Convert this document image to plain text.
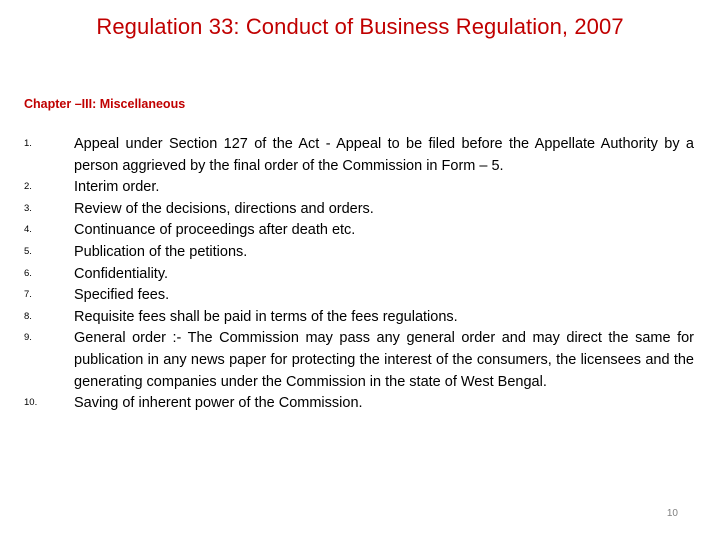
Regulation 33: Conduct of Business Regulation, 2007
Chapter –III: Miscellaneous
1.	Appeal under Section 127 of the Act - Appeal to be filed before the Appellate Authority by a person aggrieved by the final order of the Commission in Form – 5.
2.	Interim order.
3.	Review of the decisions, directions and orders.
4.	Continuance of proceedings after death etc.
5.	Publication of the petitions.
6.	Confidentiality.
7.	Specified fees.
8.	Requisite fees shall be paid in terms of the fees regulations.
9.	General order :- The Commission may pass any general order and may direct the same for publication in any news paper for protecting the interest of the consumers, the licensees and the generating companies under the Commission in the state of West Bengal.
10.	Saving of inherent power of the Commission.
10
